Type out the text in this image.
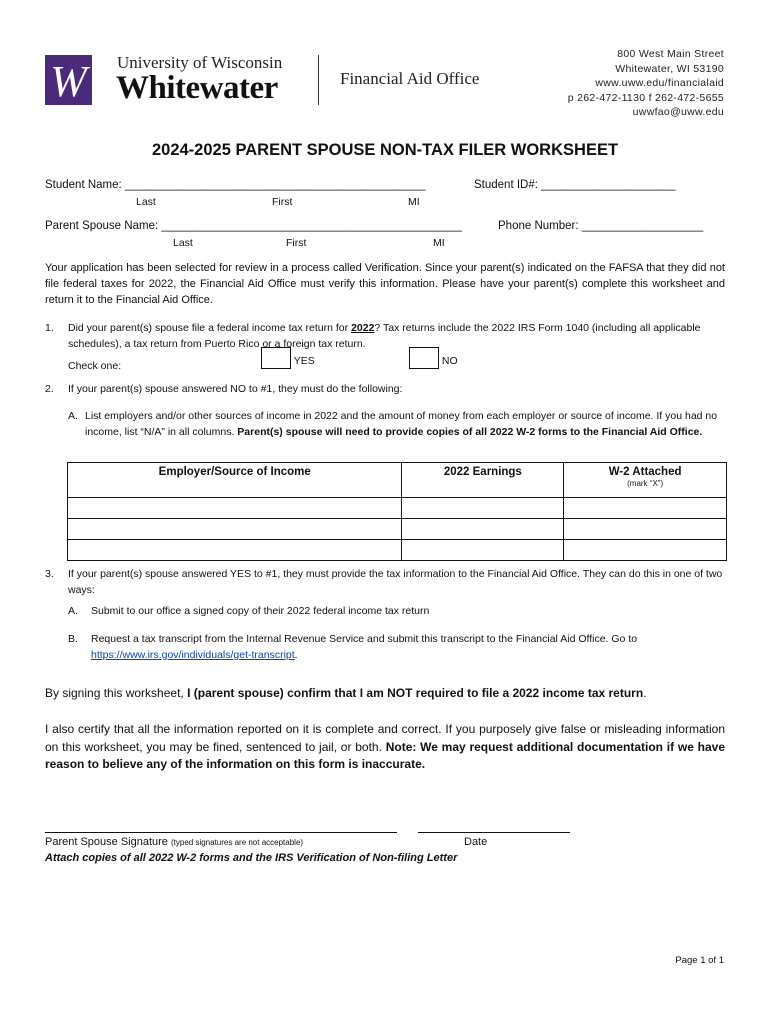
W University of Wisconsin
Whitewater	Financial Aid Office
800 West Main Street
Whitewater, WI 53190
www.uww.edu/financialaid
p 262-472-1130 f 262-472-5655
uwwfao@uww.edu
2024-2025 PARENT SPOUSE NON-TAX FILER WORKSHEET
Student Name: _______________________________________________	Student ID#: _____________________
Last	First	MI
Parent Spouse Name: _______________________________________________	Phone Number: ___________________
Last	First	MI
Your application has been selected for review in a process called Verification. Since your parent(s) indicated on the FAFSA that they did not file federal taxes for 2022, the Financial Aid Office must verify this information. Please have your parent(s) complete this worksheet and return it to the Financial Aid Office.
1. Did your parent(s) spouse file a federal income tax return for 2022? Tax returns include the 2022 IRS Form 1040 (including all applicable schedules), a tax return from Puerto Rico or a foreign tax return.
Check one:	YES	NO
2. If your parent(s) spouse answered NO to #1, they must do the following:
A. List employers and/or other sources of income in 2022 and the amount of money from each employer or source of income. If you had no income, list “N/A” in all columns. Parent(s) spouse will need to provide copies of all 2022 W-2 forms to the Financial Aid Office.
Employer/Source of Income	2022 Earnings	W-2 Attached
(mark “X”)

3. If your parent(s) spouse answered YES to #1, they must provide the tax information to the Financial Aid Office. They can do this in one of two ways:
A. Submit to our office a signed copy of their 2022 federal income tax return
B. Request a tax transcript from the Internal Revenue Service and submit this transcript to the Financial Aid Office. Go to https://www.irs.gov/individuals/get-transcript.
By signing this worksheet, I (parent spouse) confirm that I am NOT required to file a 2022 income tax return.
I also certify that all the information reported on it is complete and correct. If you purposely give false or misleading information on this worksheet, you may be fined, sentenced to jail, or both. Note: We may request additional documentation if we have reason to believe any of the information on this form is inaccurate.
Parent Spouse Signature (typed signatures are not acceptable)	Date
Attach copies of all 2022 W-2 forms and the IRS Verification of Non-filing Letter
Page 1 of 1
